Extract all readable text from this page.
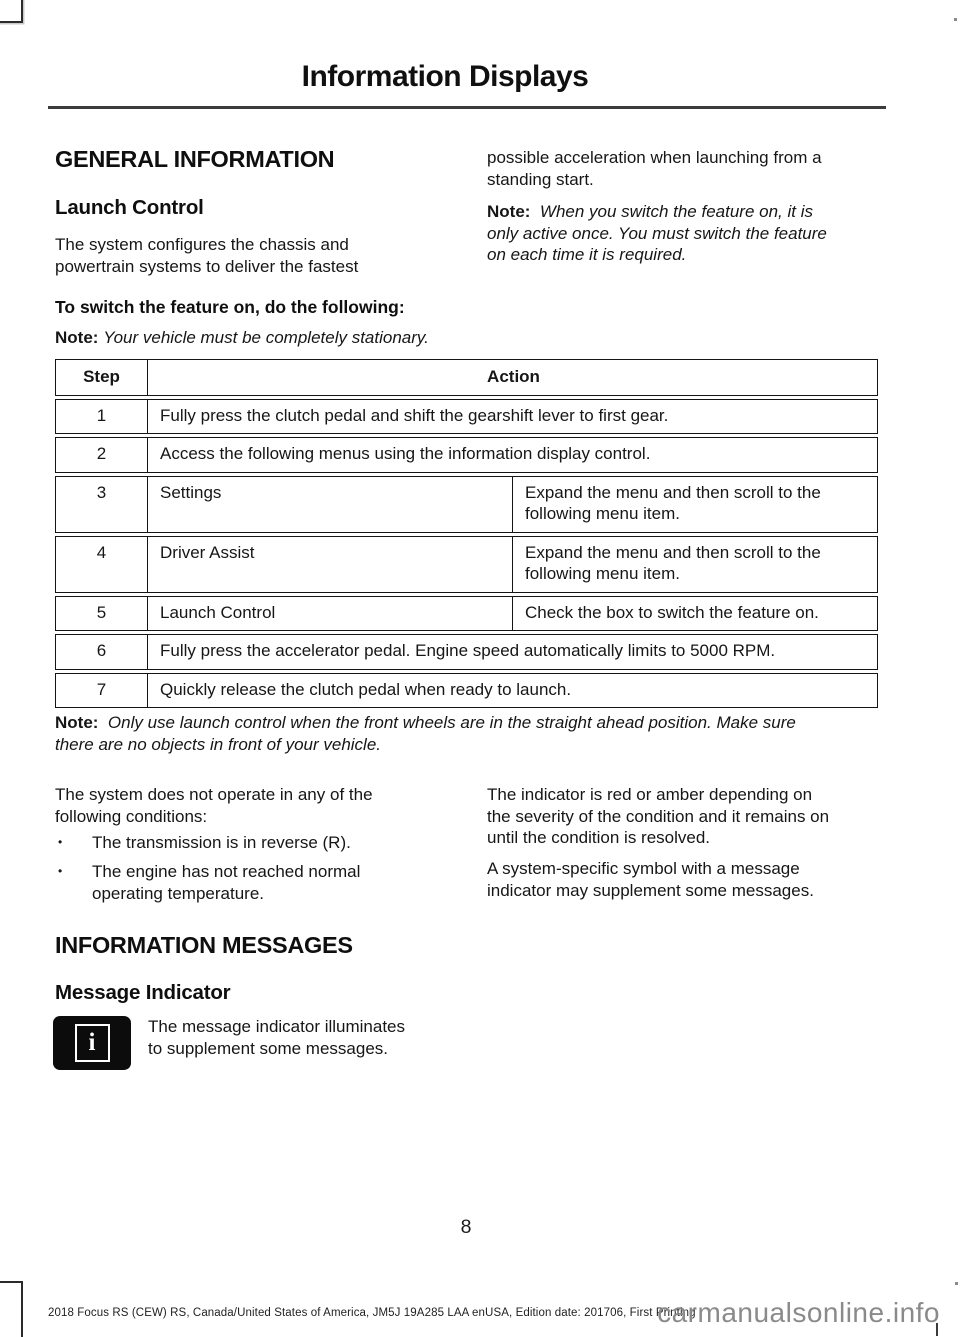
Information Displays
GENERAL INFORMATION
Launch Control

The system configures the chassis and powertrain systems to deliver the fastest

possible acceleration when launching from a standing start.

Note: When you switch the feature on, it is only active once. You must switch the feature on each time it is required.

To switch the feature on, do the following:

Note: Your vehicle must be completely stationary.

Step	Action	
1	Fully press the clutch pedal and shift the gearshift lever to first gear.	
2	Access the following menus using the information display control.	
3	Settings	Expand the menu and then scroll to the following menu item.
4	Driver Assist	Expand the menu and then scroll to the following menu item.
5	Launch Control	Check the box to switch the feature on.
6	Fully press the accelerator pedal. Engine speed automatically limits to 5000 RPM.	
7	Quickly release the clutch pedal when ready to launch.	

Note: Only use launch control when the front wheels are in the straight ahead position. Make sure there are no objects in front of your vehicle.

The system does not operate in any of the following conditions:

•	The transmission is in reverse (R).
•	The engine has not reached normal operating temperature.

The indicator is red or amber depending on the severity of the condition and it remains on until the condition is resolved.

A system-specific symbol with a message indicator may supplement some messages.

INFORMATION MESSAGES
Message Indicator
i

The message indicator illuminates to supplement some messages.

8
2018 Focus RS (CEW) RS, Canada/United States of America, JM5J 19A285 LAA enUSA, Edition date: 201706, First Printing
carmanualsonline.info
